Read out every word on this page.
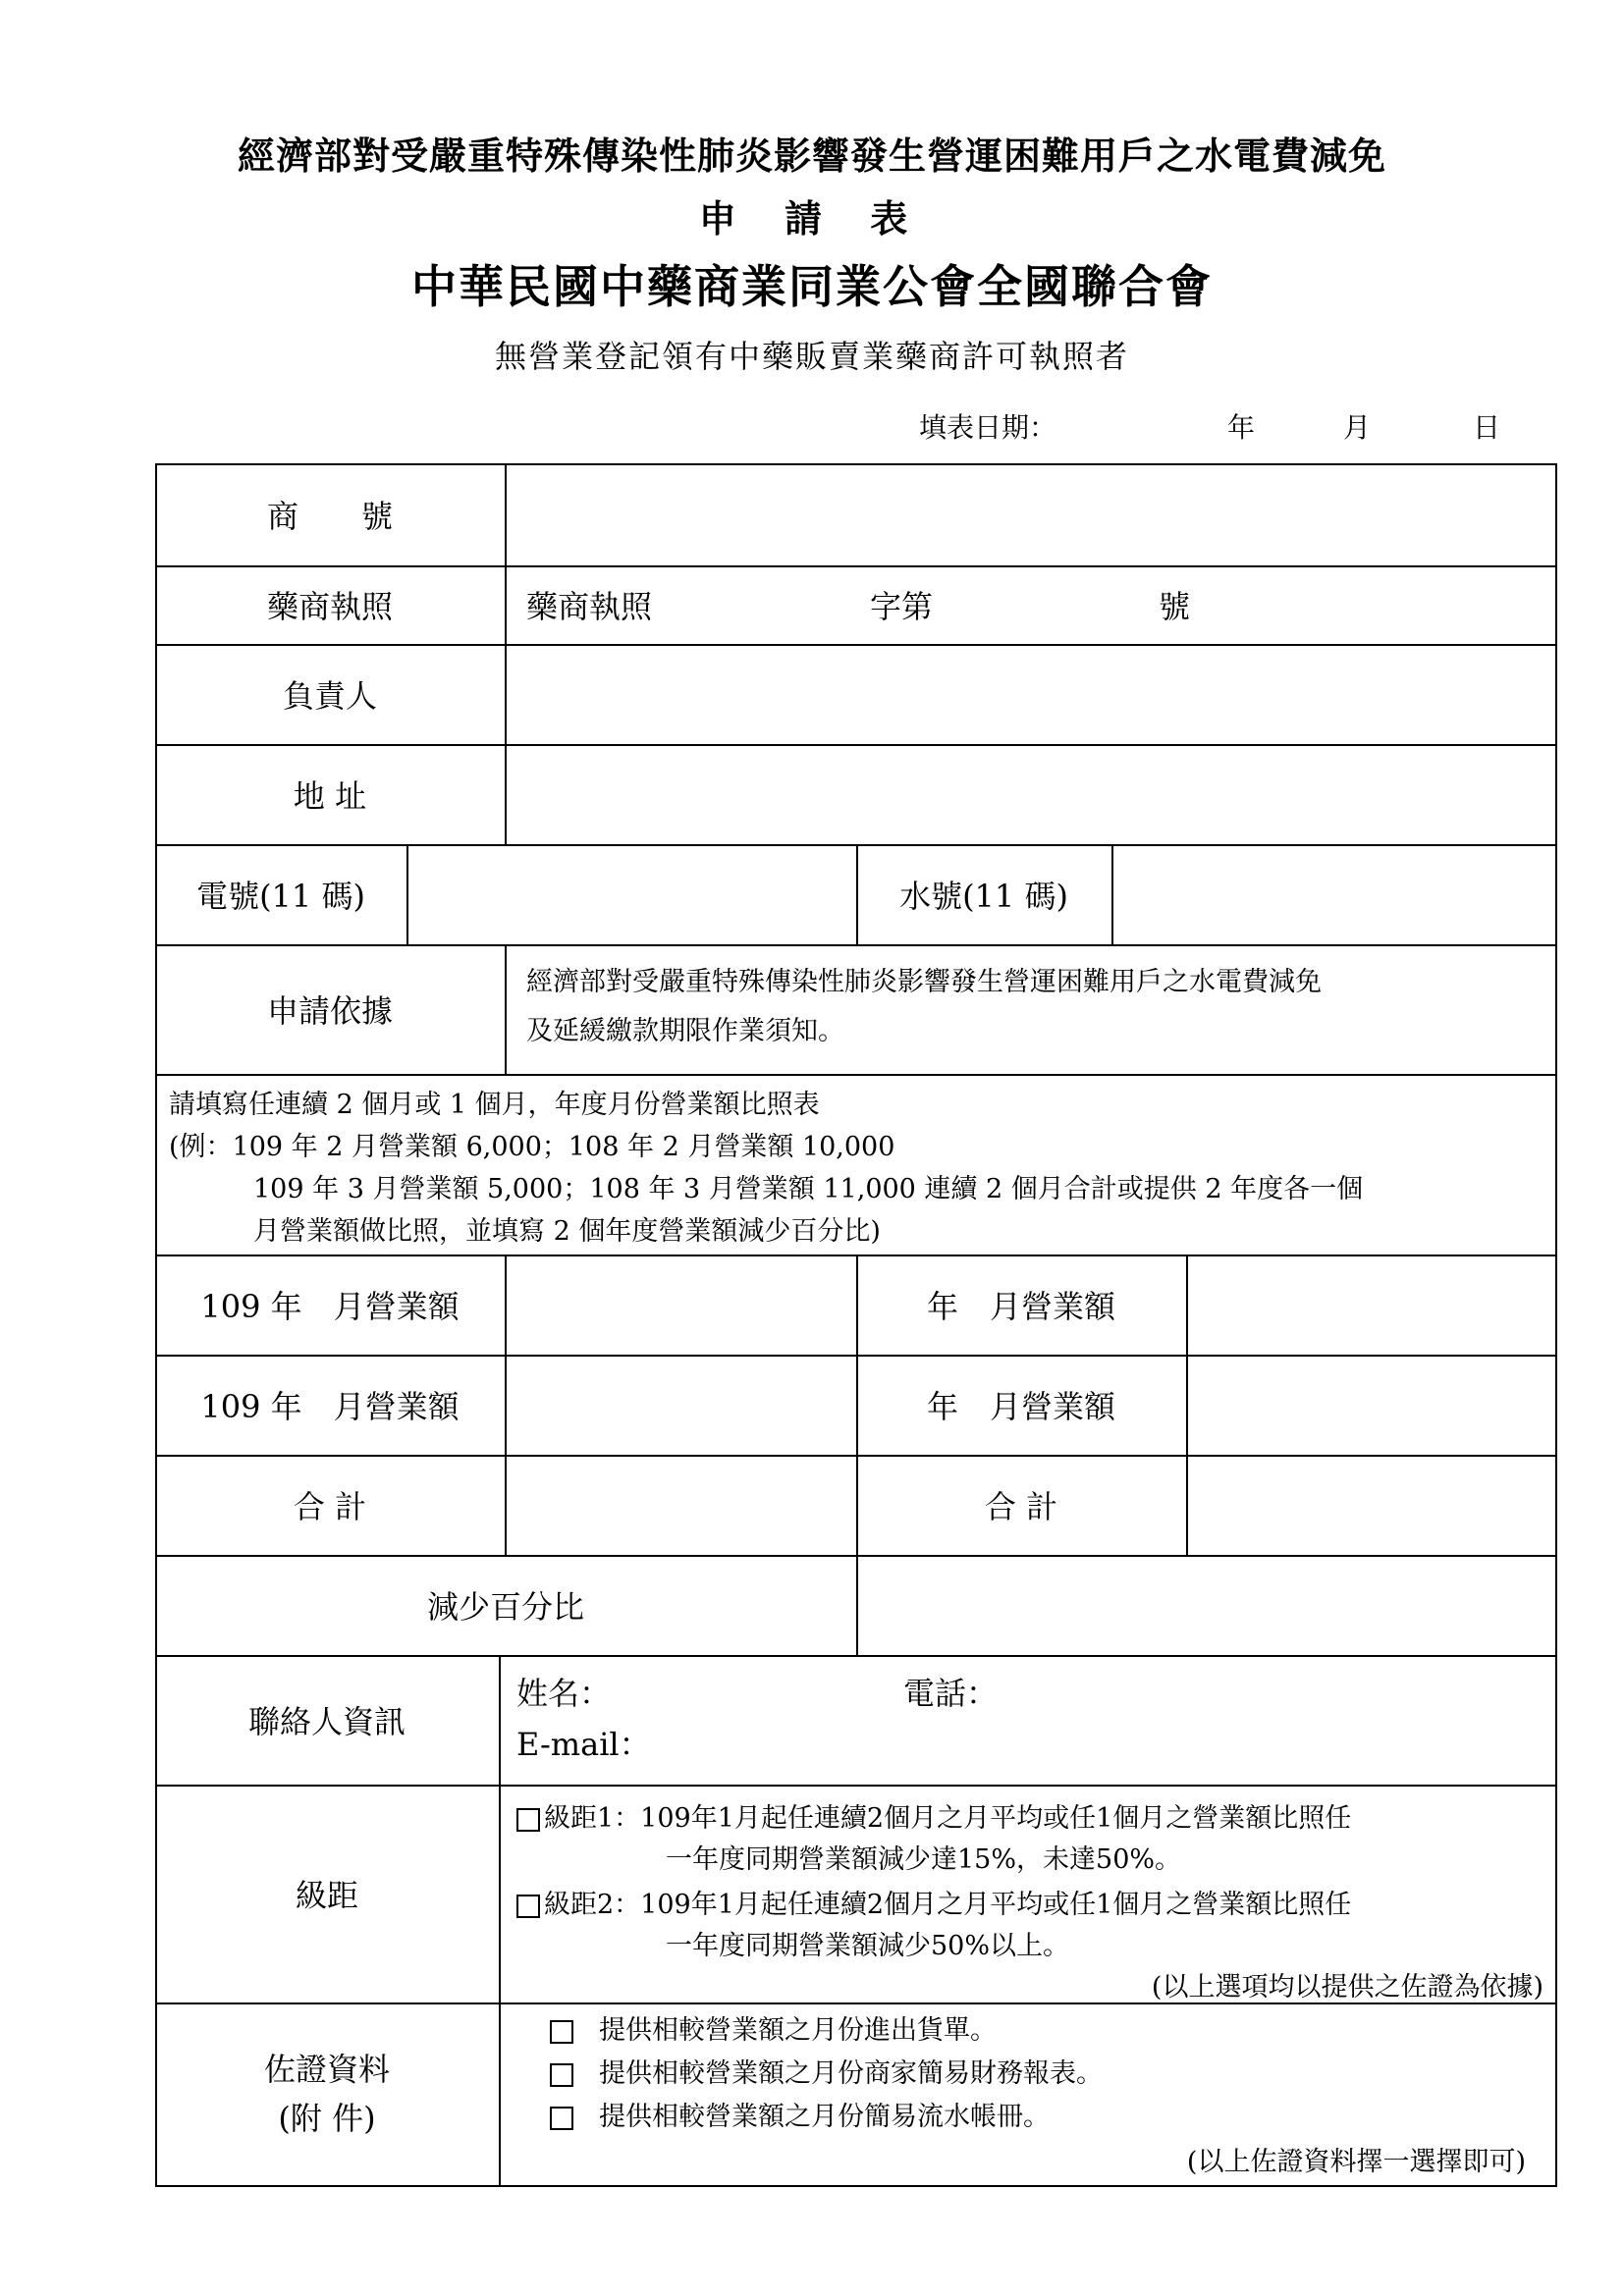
經濟部對受嚴重特殊傳染性肺炎影響發生營運困難用戶之水電費減免
申 請 表
中華民國中藥商業同業公會全國聯合會
無營業登記領有中藥販賣業藥商許可執照者
填表日期：	年	月	日
商　　號
藥商執照	藥商執照	字第	號
負責人
地 址
電號(11 碼)	水號(11 碼)
申請依據
經濟部對受嚴重特殊傳染性肺炎影響發生營運困難用戶之水電費減免
及延緩繳款期限作業須知。
請填寫任連續 2 個月或 1 個月，年度月份營業額比照表
(例：109 年 2 月營業額 6,000；108 年 2 月營業額 10,000
109 年 3 月營業額 5,000；108 年 3 月營業額 11,000 連續 2 個月合計或提供 2 年度各一個
月營業額做比照，並填寫 2 個年度營業額減少百分比)
109 年　月營業額	年　月營業額
109 年　月營業額	年　月營業額
合 計	合 計
減少百分比
聯絡人資訊
姓名：	電話：
E-mail：
級距
級距1：109年1月起任連續2個月之月平均或任1個月之營業額比照任
一年度同期營業額減少達15%，未達50%。
級距2：109年1月起任連續2個月之月平均或任1個月之營業額比照任
一年度同期營業額減少50%以上。
(以上選項均以提供之佐證為依據)
佐證資料
(附 件)
提供相較營業額之月份進出貨單。
提供相較營業額之月份商家簡易財務報表。
提供相較營業額之月份簡易流水帳冊。
(以上佐證資料擇一選擇即可)
